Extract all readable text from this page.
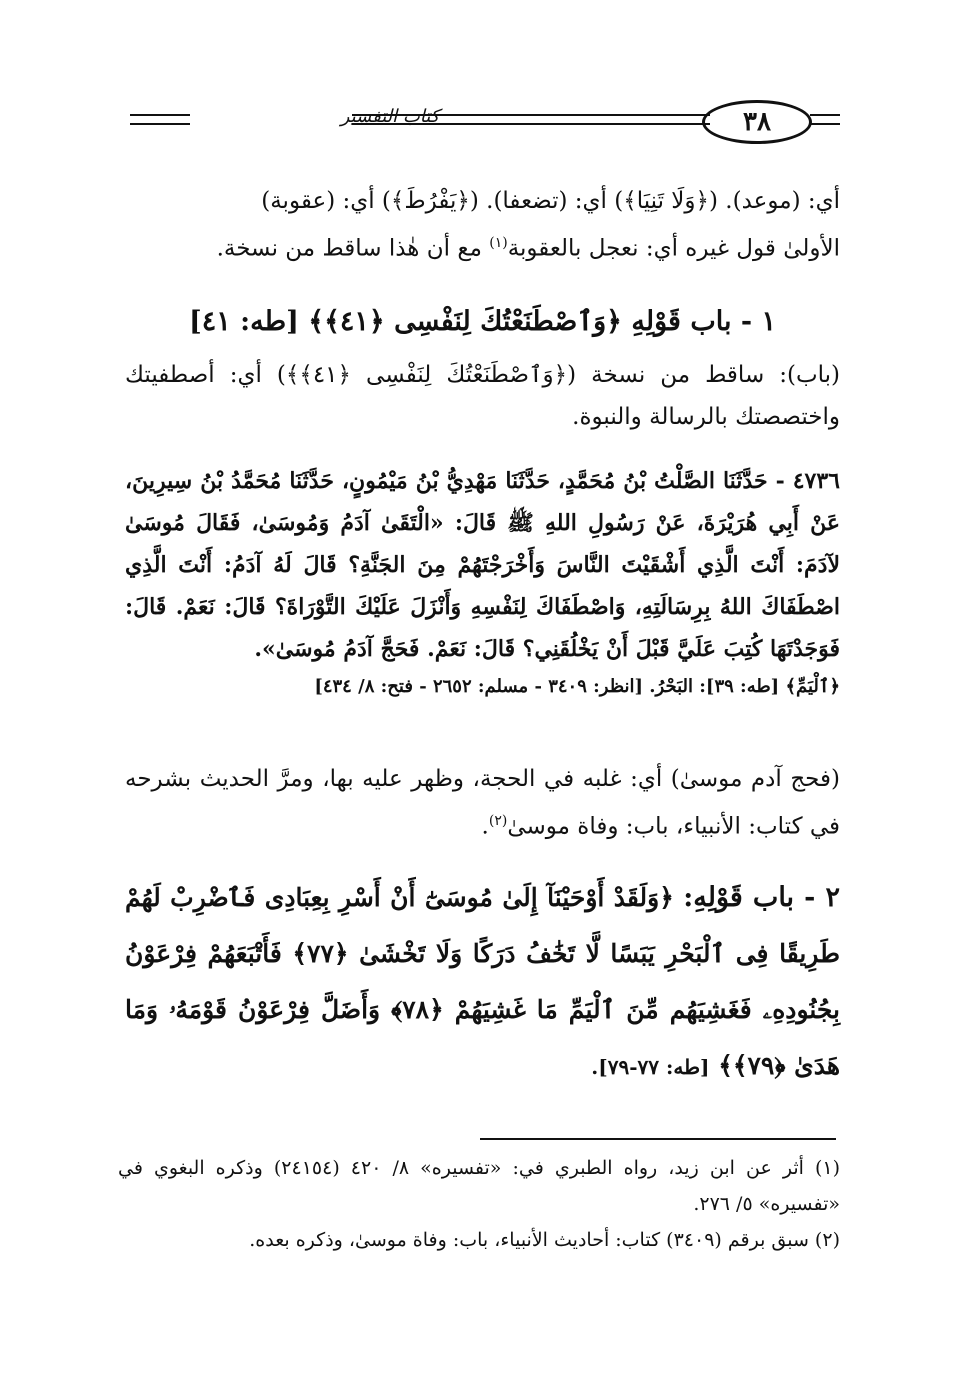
كتاب التفسير	٣٨

أي: (موعد). (﴿وَلَا تَنِيَا﴾) أي: (تضعفا). (﴿يَفْرُطَ﴾) أي: (عقوبة)

الأولىٰ قول غيره أي: نعجل بالعقوبة$^{(١)}$ مع أن هٰذا ساقط من نسخة.

١ - باب قَوْلِهِ ﴿وَٱصْطَنَعْتُكَ لِنَفْسِى ﴿٤١﴾﴾ [طه: ٤١]

(باب): ساقط من نسخة (﴿وَٱصْطَنَعْتُكَ لِنَفْسِى ﴿٤١﴾﴾) أي: أصطفيتك واختصصتك بالرسالة والنبوة.

٤٧٣٦ - حَدَّثَنَا الصَّلْتُ بْنُ مُحَمَّدٍ، حَدَّثَنَا مَهْدِيُّ بْنُ مَيْمُونٍ، حَدَّثَنَا مُحَمَّدُ بْنُ سِيرِينَ، عَنْ أَبِي هُرَيْرَةَ، عَنْ رَسُولِ اللهِ ﷺ قَالَ: «الْتَقَىٰ آدَمُ وَمُوسَىٰ، فَقَالَ مُوسَىٰ لآدَمَ: أَنْتَ الَّذِي أَشْقَيْتَ النَّاسَ وَأَخْرَجْتَهُمْ مِنَ الجَنَّةِ؟ قَالَ لَهُ آدَمُ: أَنْتَ الَّذِي اصْطَفَاكَ اللهُ بِرِسَالَتِهِ، وَاصْطَفَاكَ لِنَفْسِهِ وَأَنْزَلَ عَلَيْكَ التَّوْرَاةَ؟ قَالَ: نَعَمْ. قَالَ: فَوَجَدْتَهَا كُتِبَ عَلَيَّ قَبْلَ أَنْ يَخْلُقَنِي؟ قَالَ: نَعَمْ. فَحَجَّ آدَمُ مُوسَىٰ».

﴿ٱلْيَمِّ﴾ [طه: ٣٩]: البَحْرُ. [انظر: ٣٤٠٩ - مسلم: ٢٦٥٢ - فتح: ٨/ ٤٣٤]

(فحج آدم موسىٰ) أي: غلبه في الحجة، وظهر عليه بها، ومرَّ الحديث بشرحه في كتاب: الأنبياء، باب: وفاة موسىٰ$^{(٢)}$.

٢ - باب قَوْلِهِ: ﴿وَلَقَدْ أَوْحَيْنَآ إِلَىٰ مُوسَىٰٓ أَنْ أَسْرِ بِعِبَادِى فَٱضْرِبْ لَهُمْ طَرِيقًا فِى ٱلْبَحْرِ يَبَسًا لَّا تَخَٰفُ دَرَكًا وَلَا تَخْشَىٰ ﴿٧٧﴾ فَأَتْبَعَهُمْ فِرْعَوْنُ بِجُنُودِهِۦ فَغَشِيَهُم مِّنَ ٱلْيَمِّ مَا غَشِيَهُمْ ﴿٧٨﴾ وَأَضَلَّ فِرْعَوْنُ قَوْمَهُۥ وَمَا هَدَىٰ ﴿٧٩﴾﴾ [طه: ٧٧-٧٩].

(١) أثر عن ابن زيد، رواه الطبري في: «تفسيره» ٨/ ٤٢٠ (٢٤١٥٤) وذكره البغوي في «تفسيره» ٥/ ٢٧٦.

(٢) سبق برقم (٣٤٠٩) كتاب: أحاديث الأنبياء، باب: وفاة موسىٰ، وذكره بعده.
